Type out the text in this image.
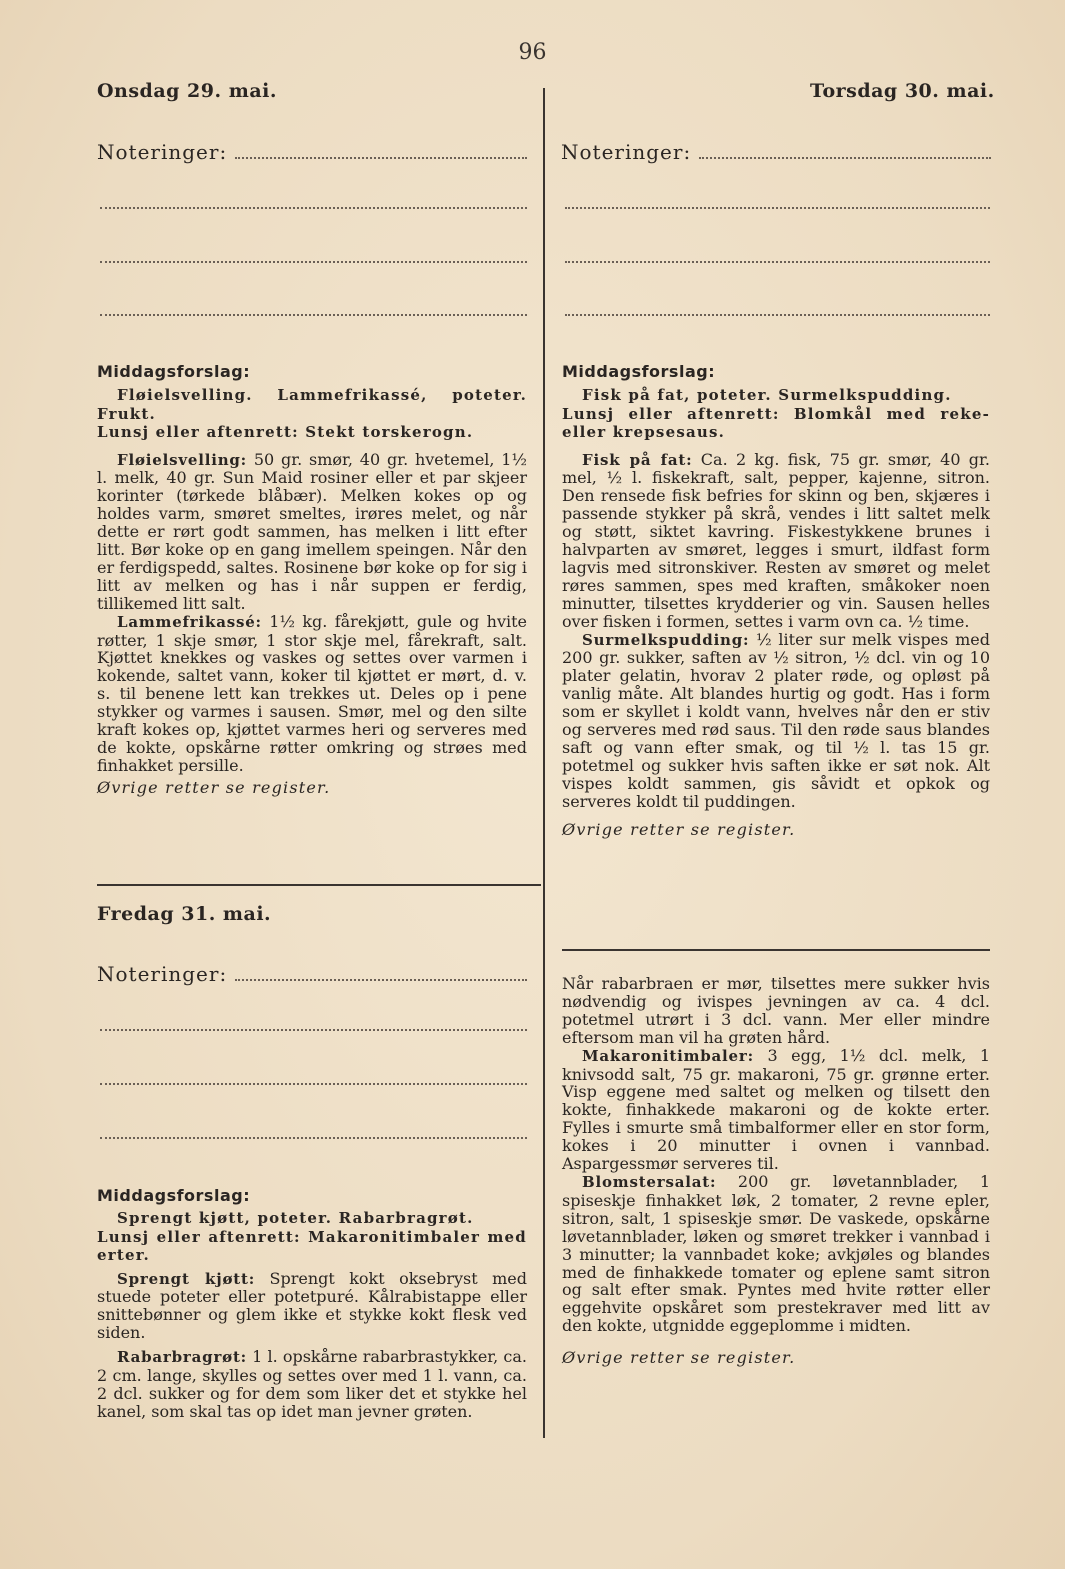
96
Onsdag 29. mai.
Noteringer:
Middagsforslag:

Fløielsvelling. Lammefrikassé, poteter. Frukt.

Lunsj eller aftenrett: Stekt torskerogn.

Fløielsvelling: 50 gr. smør, 40 gr. hvetemel, 1½ l. melk, 40 gr. Sun Maid rosiner eller et par skjeer korinter (tørkede blåbær). Melken kokes op og holdes varm, smøret smeltes, irøres melet, og når dette er rørt godt sammen, has melken i litt efter litt. Bør koke op en gang imellem speingen. Når den er ferdigspedd, saltes. Rosinene bør koke op for sig i litt av melken og has i når suppen er ferdig, tillikemed litt salt.

Lammefrikassé: 1½ kg. fårekjøtt, gule og hvite røtter, 1 skje smør, 1 stor skje mel, fårekraft, salt. Kjøttet knekkes og vaskes og settes over varmen i kokende, saltet vann, koker til kjøttet er mørt, d. v. s. til benene lett kan trekkes ut. Deles op i pene stykker og varmes i sausen. Smør, mel og den silte kraft kokes op, kjøttet varmes heri og serveres med de kokte, opskårne røtter omkring og strøes med finhakket persille.

Øvrige retter se register.

Fredag 31. mai.
Noteringer:
Middagsforslag:

Sprengt kjøtt, poteter. Rabarbragrøt.

Lunsj eller aftenrett: Makaronitimbaler med erter.

Sprengt kjøtt: Sprengt kokt oksebryst med stuede poteter eller potetpuré. Kålrabistappe eller snittebønner og glem ikke et stykke kokt flesk ved siden.

Rabarbragrøt: 1 l. opskårne rabarbrastykker, ca. 2 cm. lange, skylles og settes over med 1 l. vann, ca. 2 dcl. sukker og for dem som liker det et stykke hel kanel, som skal tas op idet man jevner grøten.

Torsdag 30. mai.
Noteringer:
Middagsforslag:

Fisk på fat, poteter. Surmelkspudding.

Lunsj eller aftenrett: Blomkål med reke- eller krepsesaus.

Fisk på fat: Ca. 2 kg. fisk, 75 gr. smør, 40 gr. mel, ½ l. fiskekraft, salt, pepper, kajenne, sitron. Den rensede fisk befries for skinn og ben, skjæres i passende stykker på skrå, vendes i litt saltet melk og støtt, siktet kavring. Fiskestykkene brunes i halvparten av smøret, legges i smurt, ildfast form lagvis med sitronskiver. Resten av smøret og melet røres sammen, spes med kraften, småkoker noen minutter, tilsettes krydderier og vin. Sausen helles over fisken i formen, settes i varm ovn ca. ½ time.

Surmelkspudding: ½ liter sur melk vispes med 200 gr. sukker, saften av ½ sitron, ½ dcl. vin og 10 plater gelatin, hvorav 2 plater røde, og opløst på vanlig måte. Alt blandes hurtig og godt. Has i form som er skyllet i koldt vann, hvelves når den er stiv og serveres med rød saus. Til den røde saus blandes saft og vann efter smak, og til ½ l. tas 15 gr. potetmel og sukker hvis saften ikke er søt nok. Alt vispes koldt sammen, gis såvidt et opkok og serveres koldt til puddingen.

Øvrige retter se register.

Når rabarbraen er mør, tilsettes mere sukker hvis nødvendig og ivispes jevningen av ca. 4 dcl. potetmel utrørt i 3 dcl. vann. Mer eller mindre eftersom man vil ha grøten hård.

Makaronitimbaler: 3 egg, 1½ dcl. melk, 1 knivsodd salt, 75 gr. makaroni, 75 gr. grønne erter. Visp eggene med saltet og melken og tilsett den kokte, finhakkede makaroni og de kokte erter. Fylles i smurte små timbalformer eller en stor form, kokes i 20 minutter i ovnen i vannbad. Aspargessmør serveres til.

Blomstersalat: 200 gr. løvetannblader, 1 spiseskje finhakket løk, 2 tomater, 2 revne epler, sitron, salt, 1 spiseskje smør. De vaskede, opskårne løvetannblader, løken og smøret trekker i vannbad i 3 minutter; la vannbadet koke; avkjøles og blandes med de finhakkede tomater og eplene samt sitron og salt efter smak. Pyntes med hvite røtter eller eggehvite opskåret som prestekraver med litt av den kokte, utgnidde eggeplomme i midten.

Øvrige retter se register.
